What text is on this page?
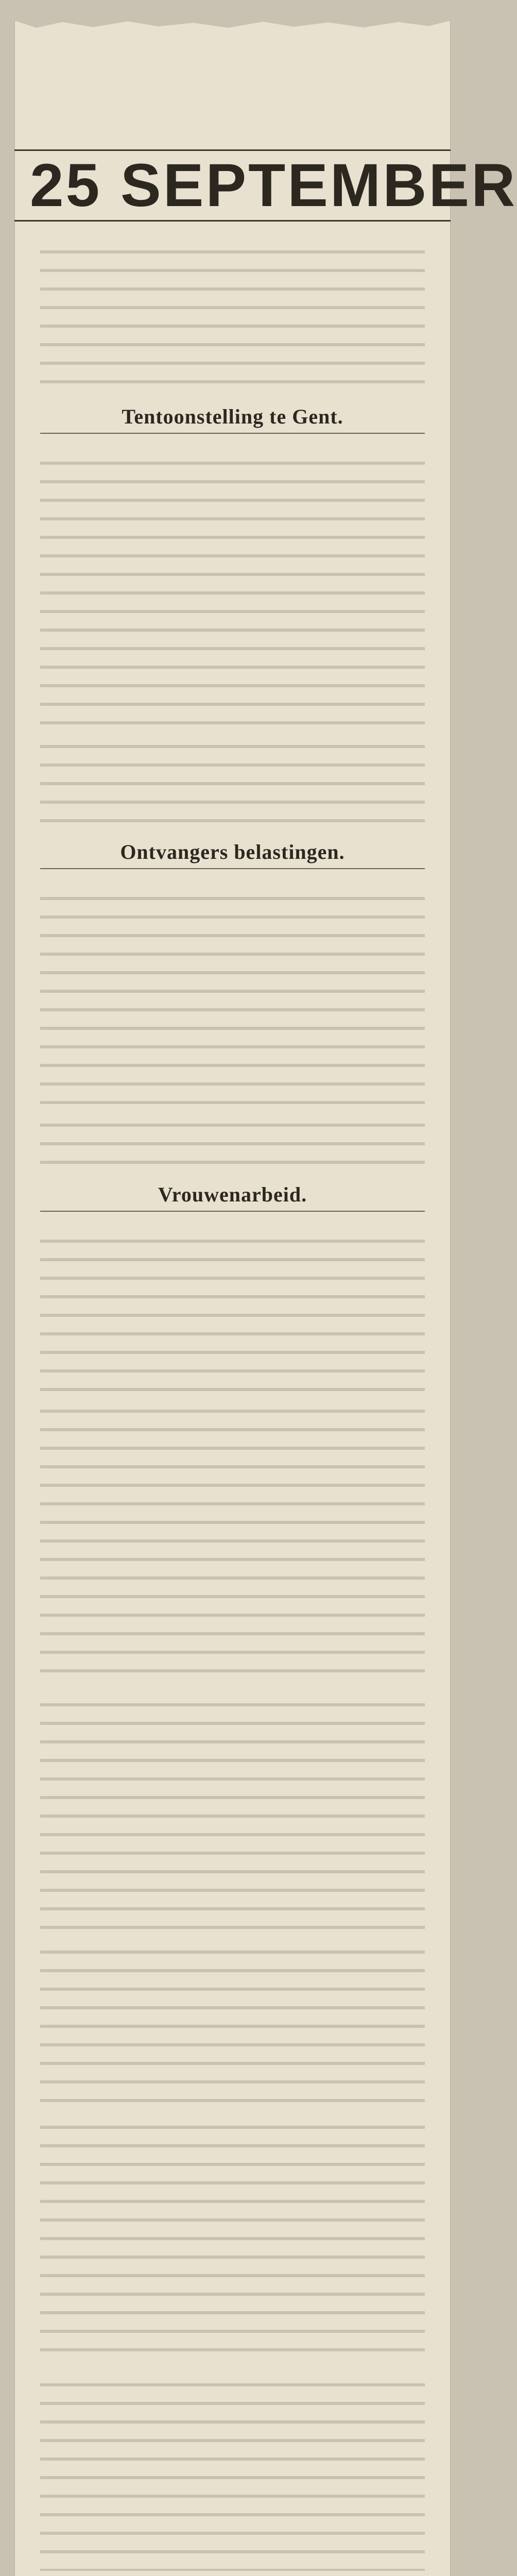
25 SEPTEMBER
Tentoonstelling te Gent.
Ontvangers belastingen.
Vrouwenarbeid.
